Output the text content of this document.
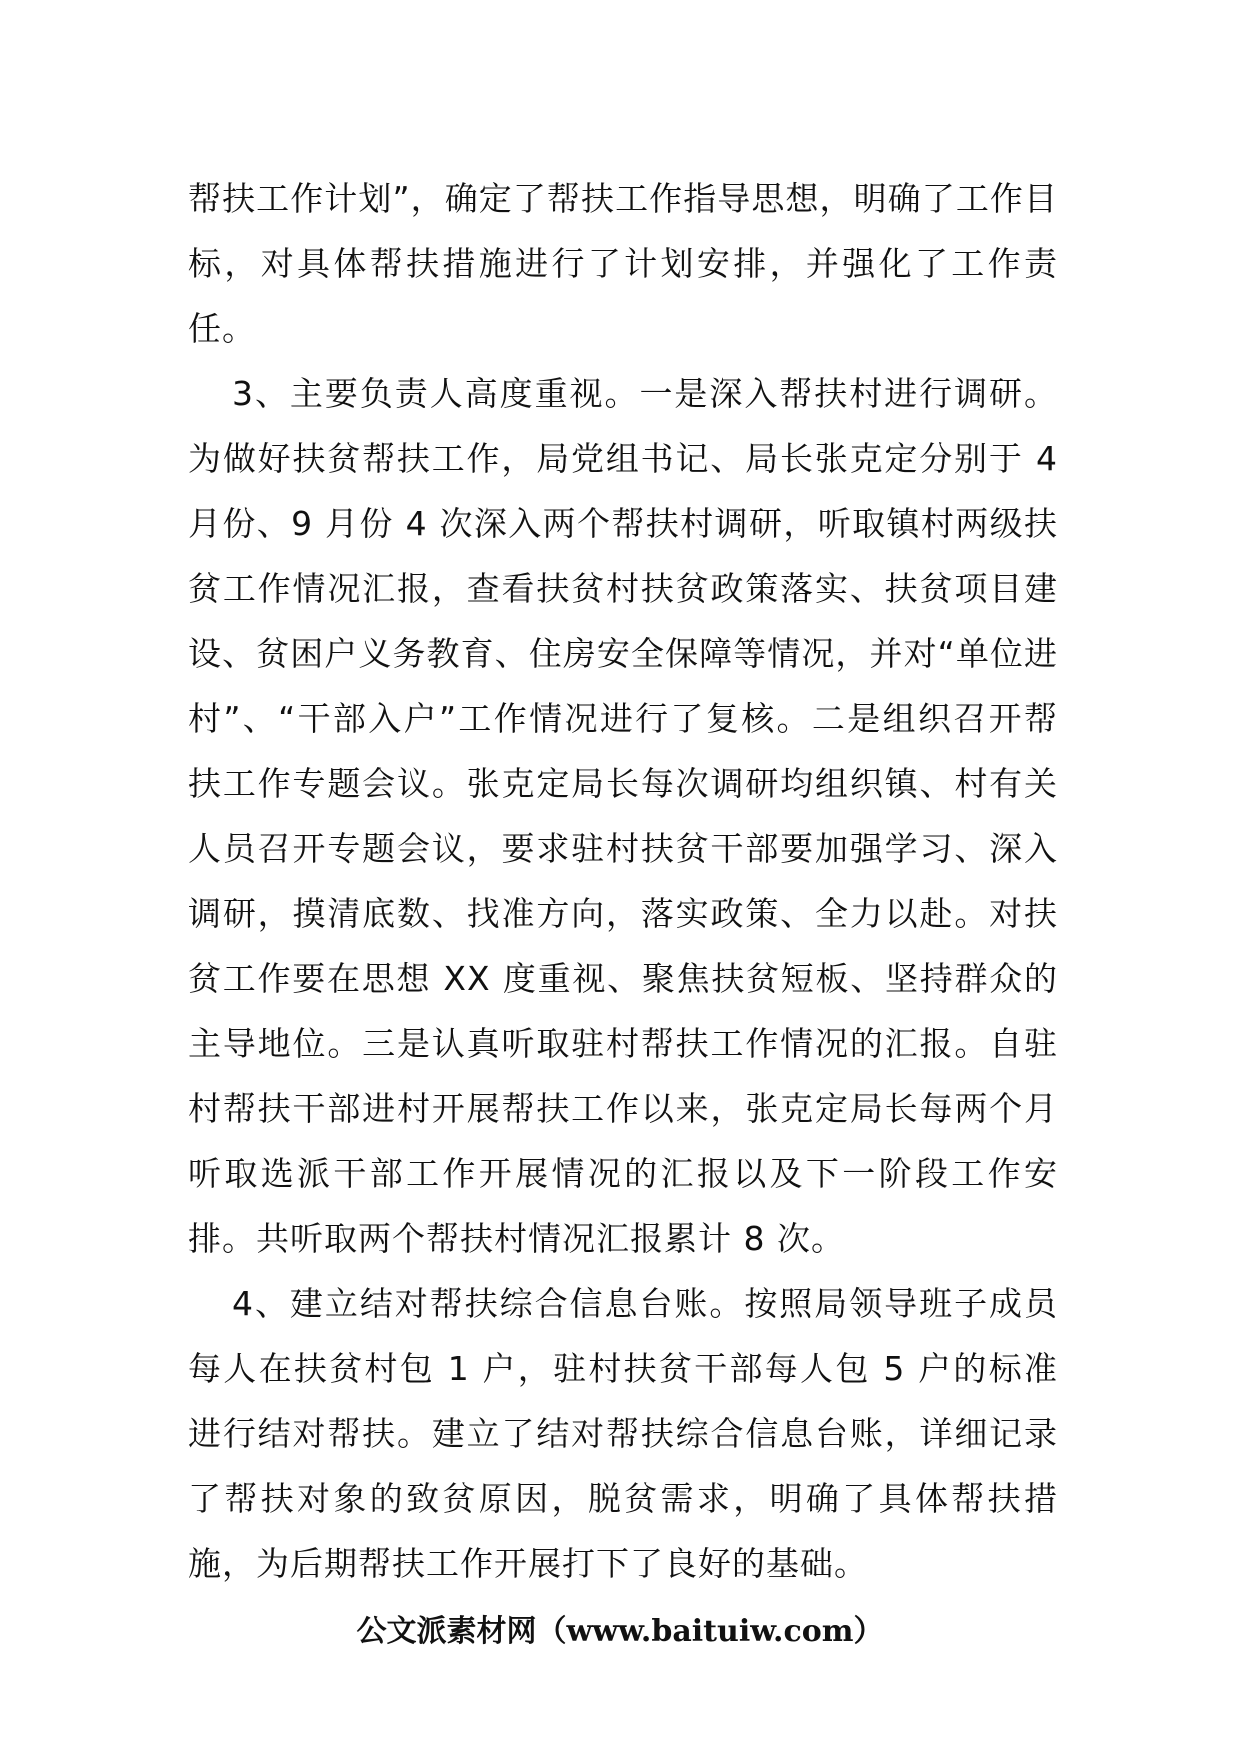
帮扶工作计划”，确定了帮扶工作指导思想，明确了工作目标，对具体帮扶措施进行了计划安排，并强化了工作责任。

3、主要负责人高度重视。一是深入帮扶村进行调研。为做好扶贫帮扶工作，局党组书记、局长张克定分别于 4 月份、9 月份 4 次深入两个帮扶村调研，听取镇村两级扶贫工作情况汇报，查看扶贫村扶贫政策落实、扶贫项目建设、贫困户义务教育、住房安全保障等情况，并对“单位进村”、“干部入户”工作情况进行了复核。二是组织召开帮扶工作专题会议。张克定局长每次调研均组织镇、村有关人员召开专题会议，要求驻村扶贫干部要加强学习、深入调研，摸清底数、找准方向，落实政策、全力以赴。对扶贫工作要在思想 XX 度重视、聚焦扶贫短板、坚持群众的主导地位。三是认真听取驻村帮扶工作情况的汇报。自驻村帮扶干部进村开展帮扶工作以来，张克定局长每两个月听取选派干部工作开展情况的汇报以及下一阶段工作安排。共听取两个帮扶村情况汇报累计 8 次。

4、建立结对帮扶综合信息台账。按照局领导班子成员每人在扶贫村包 1 户，驻村扶贫干部每人包 5 户的标准进行结对帮扶。建立了结对帮扶综合信息台账，详细记录了帮扶对象的致贫原因，脱贫需求，明确了具体帮扶措施，为后期帮扶工作开展打下了良好的基础。

公文派素材网（www.baituiw.com）
